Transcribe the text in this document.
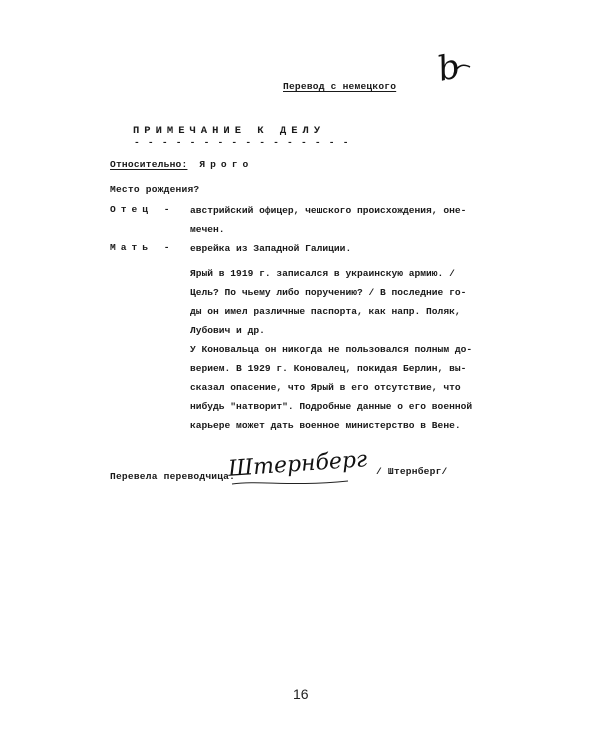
b
Перевод с немецкого
ПРИМЕЧАНИЕ К ДЕЛУ
- - - - - - - - - - - - - - - -
Относительно: Ярого
Место рождения?
Отец - австрийский офицер, чешского происхождения, оне-
мечен.
Мать - еврейка из Западной Галиции.
Ярый в 1919 г. записался в украинскую армию. /
Цель? По чьему либо поручению? / В последние го-
ды он имел различные паспорта, как напр. Поляк,
Лубович и др.
У Коновальца он никогда не пользовался полным до-
верием. В 1929 г. Коновалец, покидая Берлин, вы-
сказал опасение, что Ярый в его отсутствие, что
нибудь "натворит". Подробные данные о его военной
карьере может дать военное министерство в Вене.
Перевела переводчица:
Штернберг / Штернберг/
16
